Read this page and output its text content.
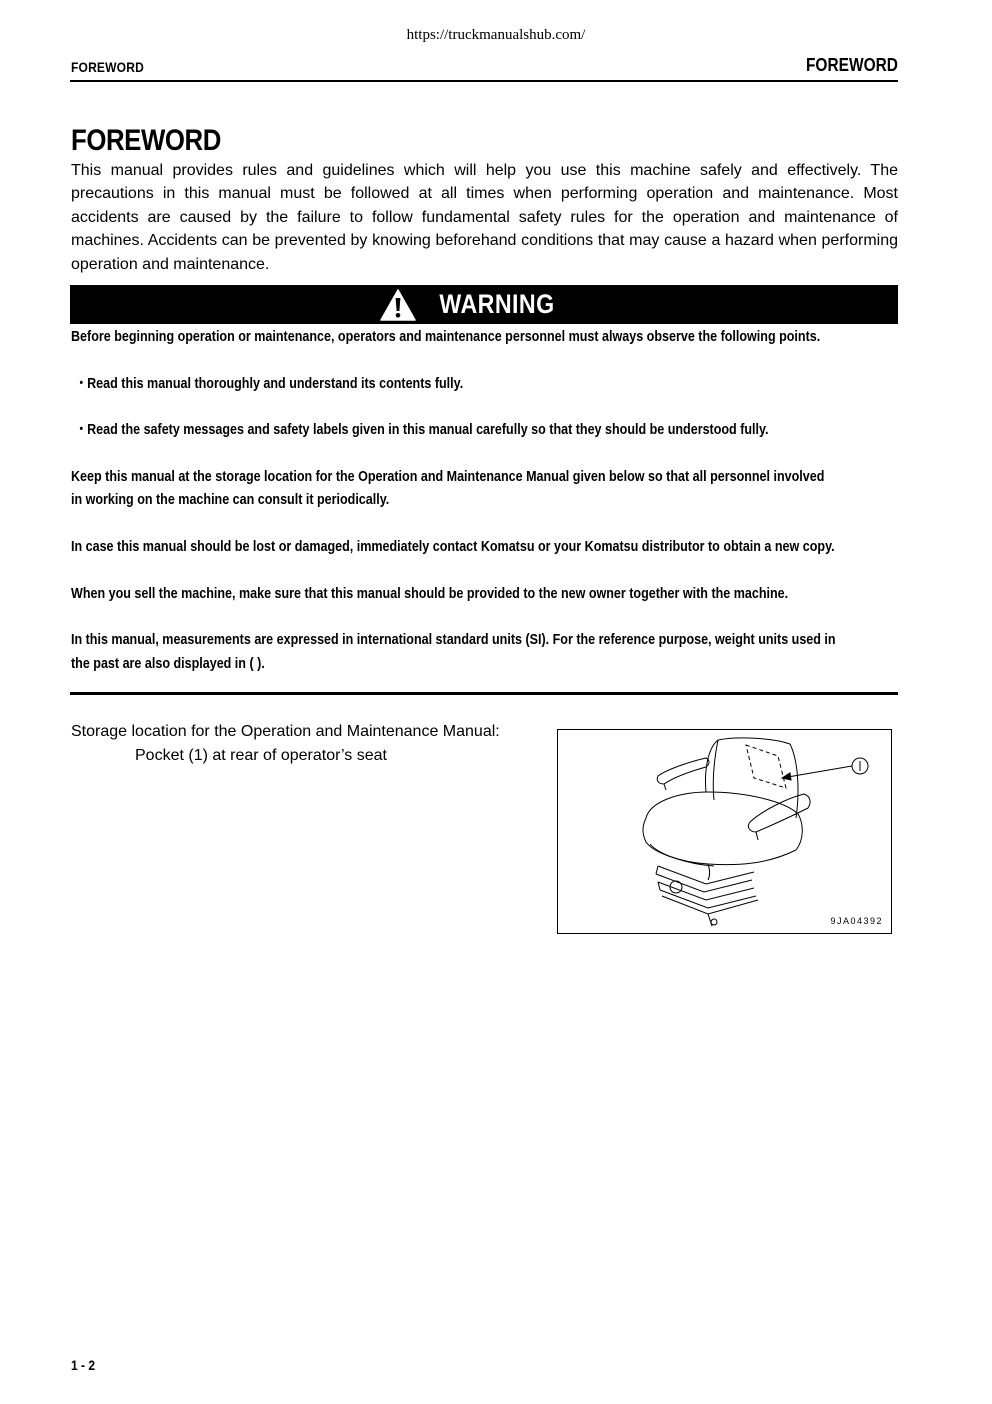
https://truckmanualshub.com/
FOREWORD	FOREWORD
FOREWORD

This manual provides rules and guidelines which will help you use this machine safely and effectively. The precautions in this manual must be followed at all times when performing operation and maintenance. Most accidents are caused by the failure to follow fundamental safety rules for the operation and maintenance of machines. Accidents can be prevented by knowing beforehand conditions that may cause a hazard when performing operation and maintenance.

WARNING
Before beginning operation or maintenance, operators and maintenance personnel must always observe the following points.
・Read this manual thoroughly and understand its contents fully.
・Read the safety messages and safety labels given in this manual carefully so that they should be understood fully.
Keep this manual at the storage location for the Operation and Maintenance Manual given below so that all personnel involved
in working on the machine can consult it periodically.
In case this manual should be lost or damaged, immediately contact Komatsu or your Komatsu distributor to obtain a new copy.
When you sell the machine, make sure that this manual should be provided to the new owner together with the machine.
In this manual, measurements are expressed in international standard units (SI). For the reference purpose, weight units used in
the past are also displayed in ( ).
Storage location for the Operation and Maintenance Manual:
Pocket (1) at rear of operator’s seat
9JA04392
1 - 2
